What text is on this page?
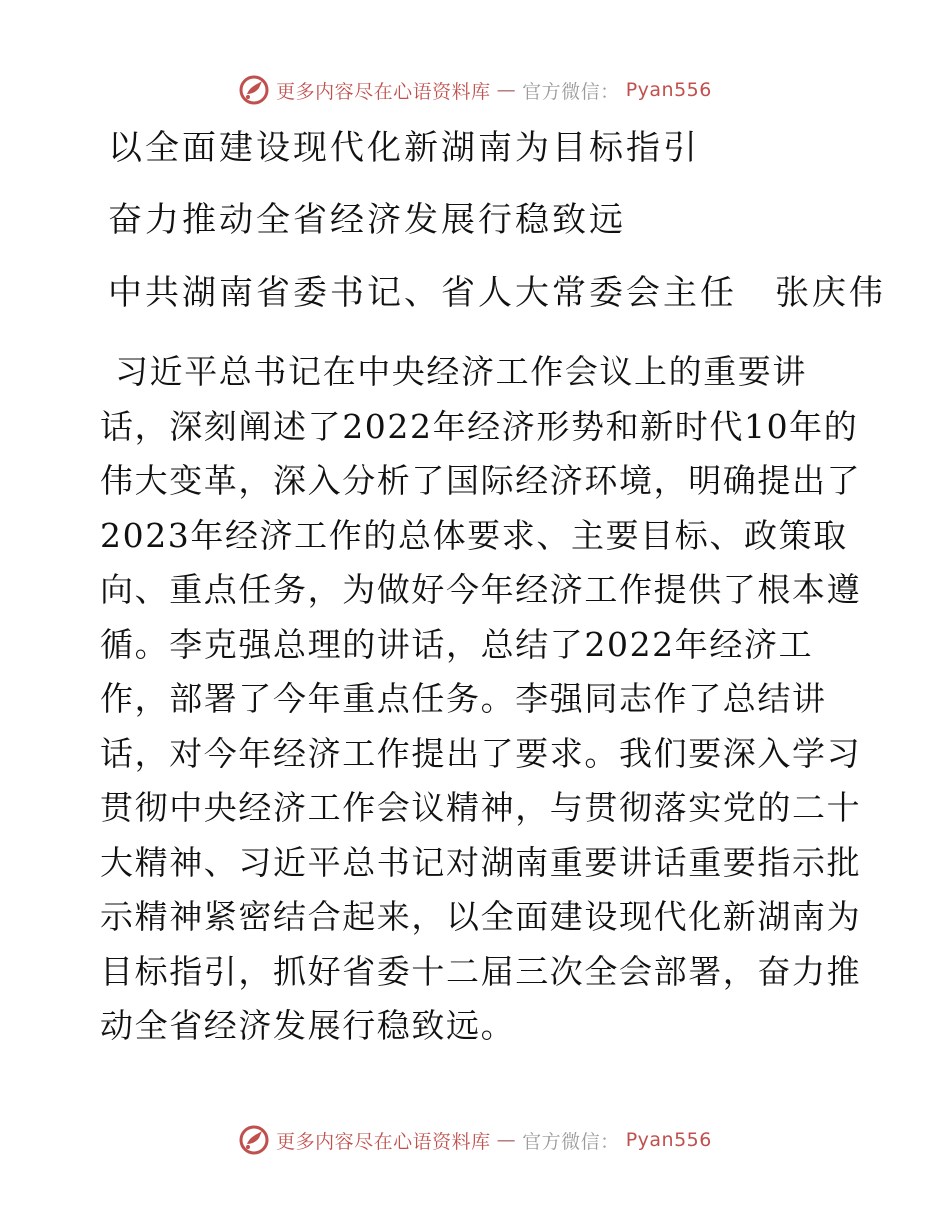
更多内容尽在心语资料库 — 官方微信： Pyan556
以全面建设现代化新湖南为目标指引
奋力推动全省经济发展行稳致远
中共湖南省委书记、省人大常委会主任 张庆伟
习近平总书记在中央经济工作会议上的重要讲
话，深刻阐述了2022年经济形势和新时代10年的
伟大变革，深入分析了国际经济环境，明确提出了
2023年经济工作的总体要求、主要目标、政策取
向、重点任务，为做好今年经济工作提供了根本遵
循。李克强总理的讲话，总结了2022年经济工
作，部署了今年重点任务。李强同志作了总结讲
话，对今年经济工作提出了要求。我们要深入学习
贯彻中央经济工作会议精神，与贯彻落实党的二十
大精神、习近平总书记对湖南重要讲话重要指示批
示精神紧密结合起来，以全面建设现代化新湖南为
目标指引，抓好省委十二届三次全会部署，奋力推
动全省经济发展行稳致远。
更多内容尽在心语资料库 — 官方微信： Pyan556
